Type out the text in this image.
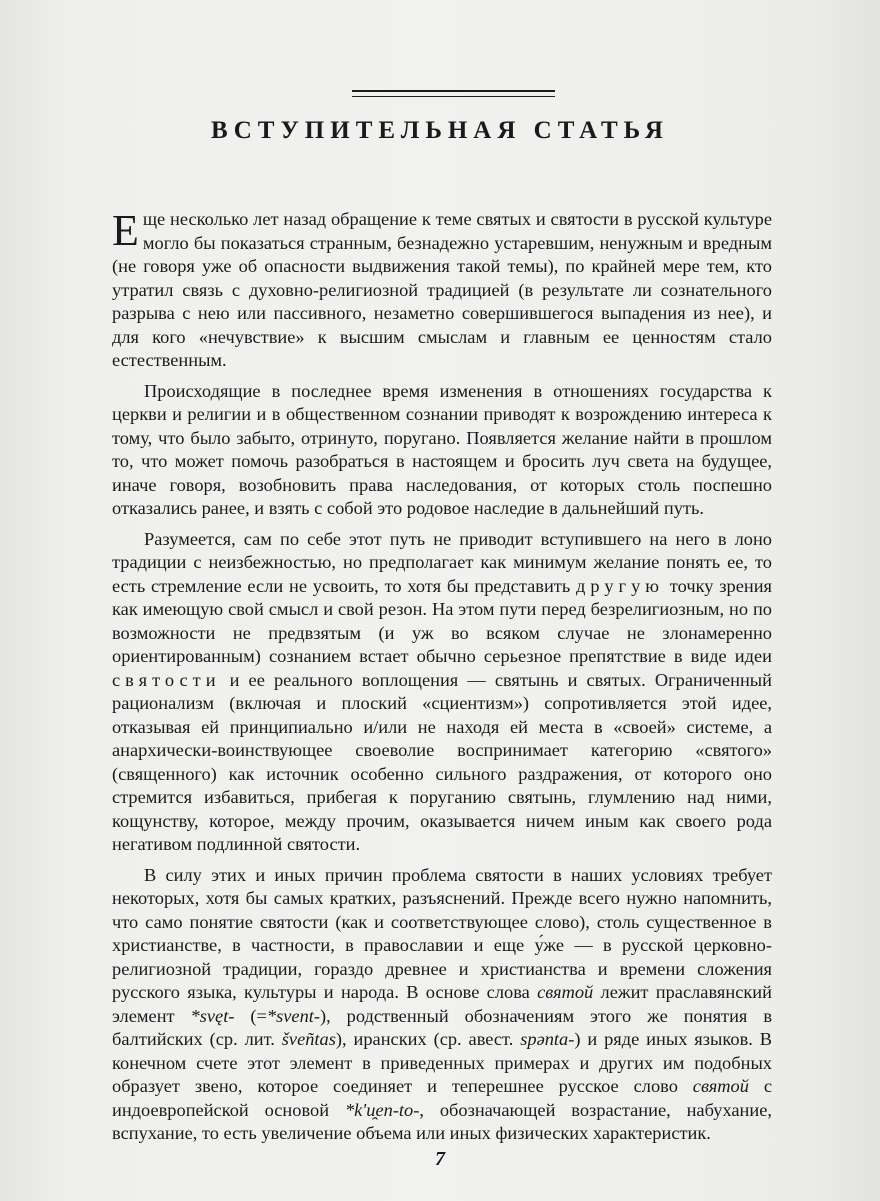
ВСТУПИТЕЛЬНАЯ СТАТЬЯ

Еще несколько лет назад обращение к теме святых и святости в русской культуре могло бы показаться странным, безнадежно устаревшим, ненужным и вредным (не говоря уже об опасности выдвижения такой темы), по крайней мере тем, кто утратил связь с духовно-религиозной традицией (в результате ли сознательного разрыва с нею или пассивного, незаметно совершившегося выпадения из нее), и для кого «нечувствие» к высшим смыслам и главным ее ценностям стало естественным.

Происходящие в последнее время изменения в отношениях государства к церкви и религии и в общественном сознании приводят к возрождению интереса к тому, что было забыто, отринуто, поругано. Появляется желание найти в прошлом то, что может помочь разобраться в настоящем и бросить луч света на будущее, иначе говоря, возобновить права наследования, от которых столь поспешно отказались ранее, и взять с собой это родовое наследие в дальнейший путь.

Разумеется, сам по себе этот путь не приводит вступившего на него в лоно традиции с неизбежностью, но предполагает как минимум желание понять ее, то есть стремление если не усвоить, то хотя бы представить другую точку зрения как имеющую свой смысл и свой резон. На этом пути перед безрелигиозным, но по возможности не предвзятым (и уж во всяком случае не злонамеренно ориентированным) сознанием встает обычно серьезное препятствие в виде идеи святости и ее реального воплощения — святынь и святых. Ограниченный рационализм (включая и плоский «сциентизм») сопротивляется этой идее, отказывая ей принципиально и/или не находя ей места в «своей» системе, а анархически-воинствующее своеволие воспринимает категорию «святого» (священного) как источник особенно сильного раздражения, от которого оно стремится избавиться, прибегая к поруганию святынь, глумлению над ними, кощунству, которое, между прочим, оказывается ничем иным как своего рода негативом подлинной святости.

В силу этих и иных причин проблема святости в наших условиях требует некоторых, хотя бы самых кратких, разъяснений. Прежде всего нужно напомнить, что само понятие святости (как и соответствующее слово), столь существенное в христианстве, в частности, в православии и еще у́же — в русской церковно-религиозной традиции, гораздо древнее и христианства и времени сложения русского языка, культуры и народа. В основе слова святой лежит праславянский элемент *svęt- (=*svent-), родственный обозначениям этого же понятия в балтийских (ср. лит. šveñtas), иранских (ср. авест. spənta-) и ряде иных языков. В конечном счете этот элемент в приведенных примерах и других им подобных образует звено, которое соединяет и теперешнее русское слово святой с индоевропейской основой *k'u̯en-to-, обозначающей возрастание, набухание, вспухание, то есть увеличение объема или иных физических характеристик.

7
